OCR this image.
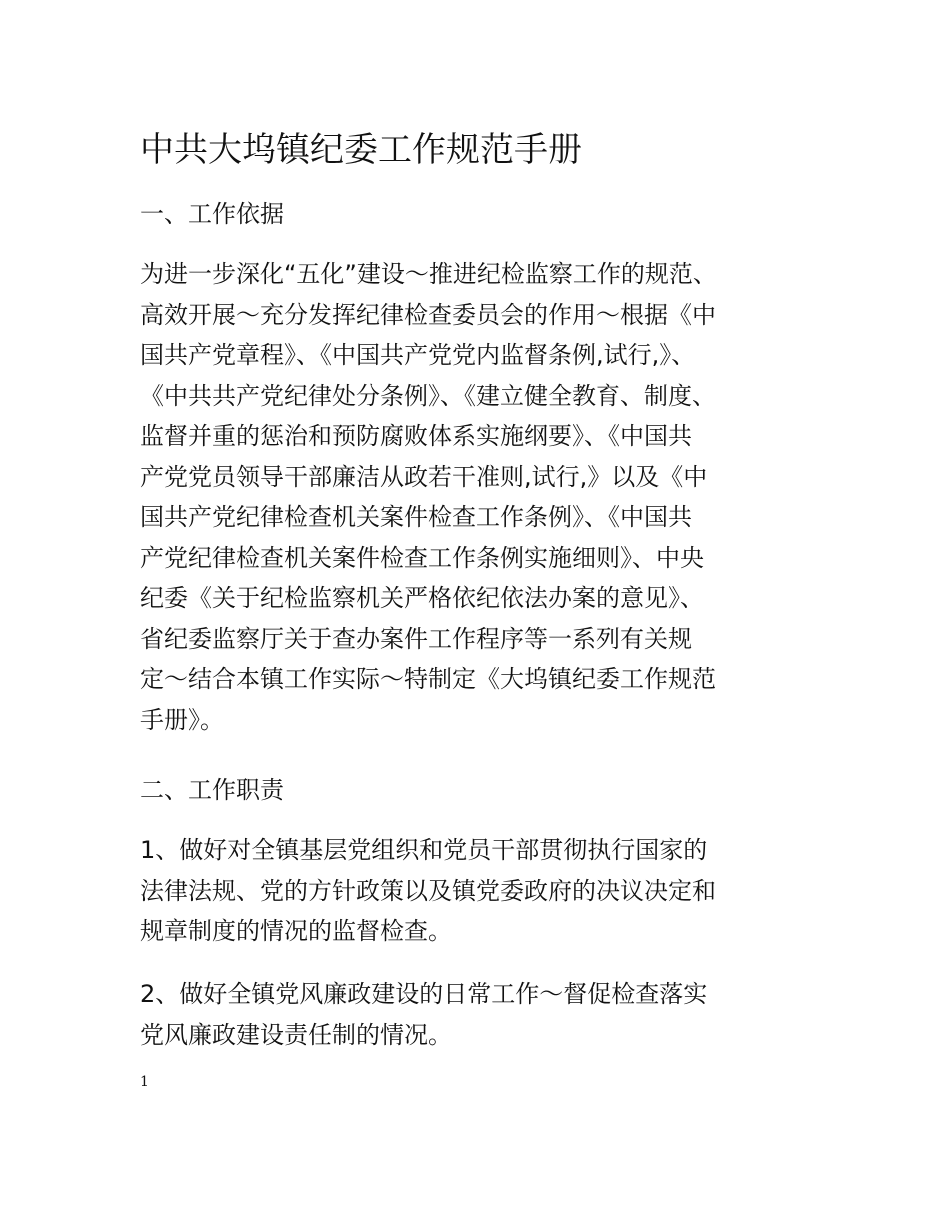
中共大坞镇纪委工作规范手册
一、工作依据

为进一步深化“五化”建设～推进纪检监察工作的规范、
高效开展～充分发挥纪律检查委员会的作用～根据《中
国共产党章程》、《中国共产党党内监督条例,试行,》、
《中共共产党纪律处分条例》、《建立健全教育、制度、
监督并重的惩治和预防腐败体系实施纲要》、《中国共
产党党员领导干部廉洁从政若干准则,试行,》以及《中
国共产党纪律检查机关案件检查工作条例》、《中国共
产党纪律检查机关案件检查工作条例实施细则》、中央
纪委《关于纪检监察机关严格依纪依法办案的意见》、
省纪委监察厅关于查办案件工作程序等一系列有关规
定～结合本镇工作实际～特制定《大坞镇纪委工作规范
手册》。

二、工作职责

1、做好对全镇基层党组织和党员干部贯彻执行国家的
法律法规、党的方针政策以及镇党委政府的决议决定和
规章制度的情况的监督检查。

2、做好全镇党风廉政建设的日常工作～督促检查落实
党风廉政建设责任制的情况。

1
